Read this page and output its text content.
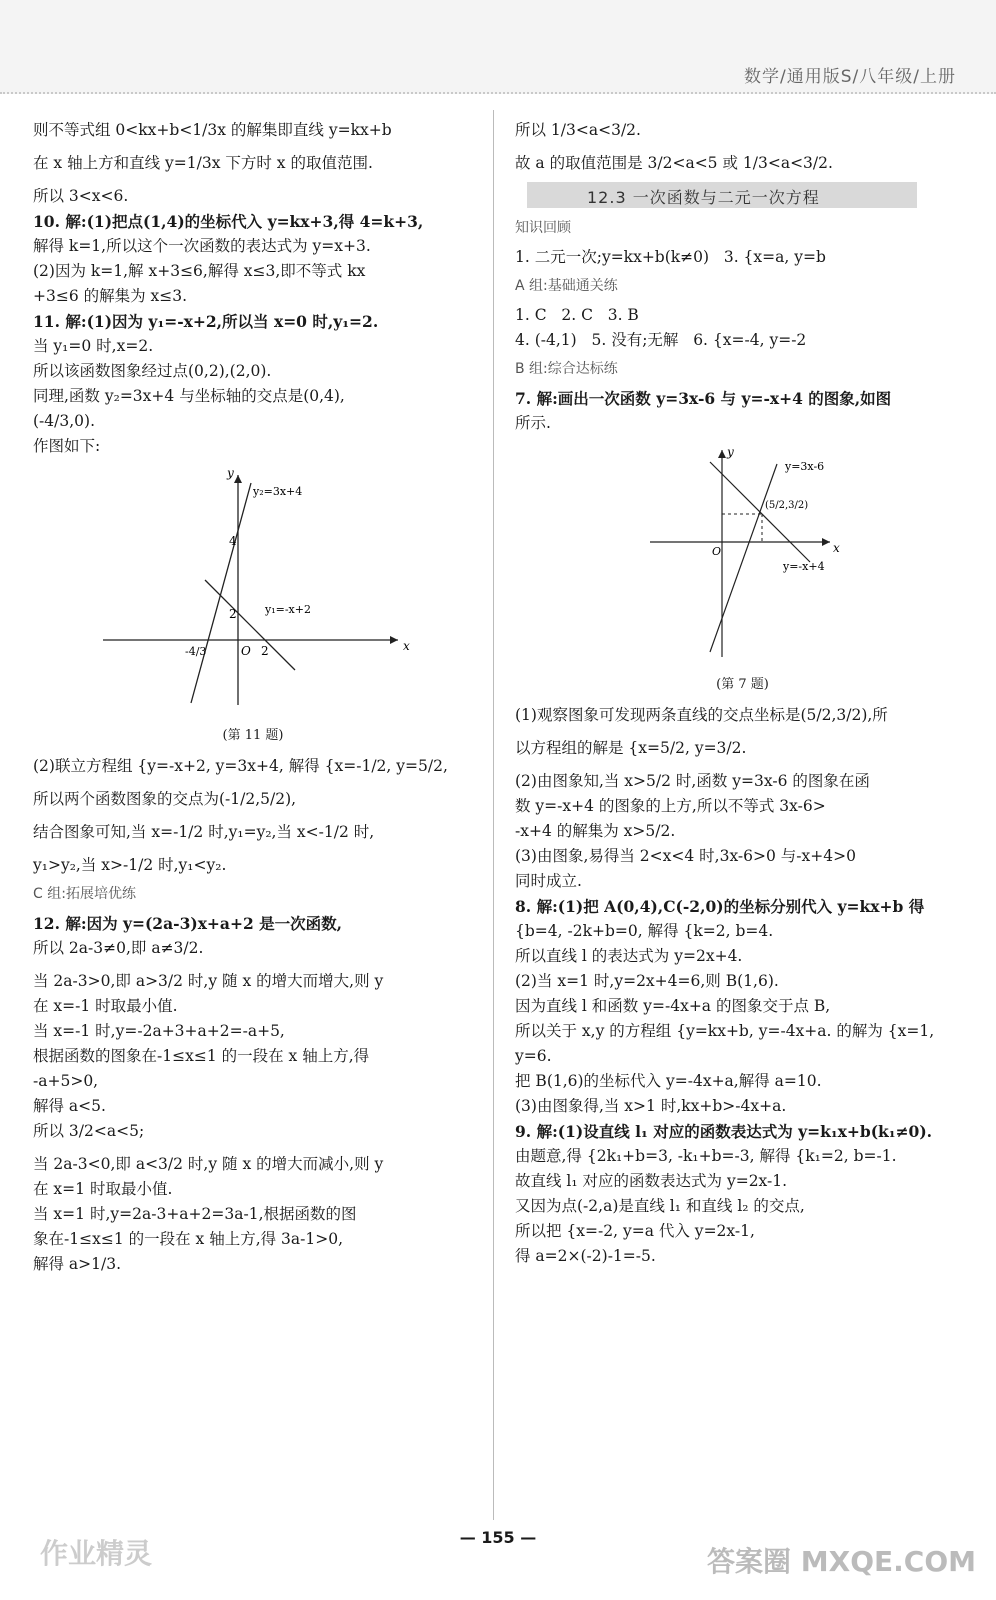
数学/通用版S/八年级/上册

则不等式组 0<kx+b<1/3x 的解集即直线 y=kx+b

在 x 轴上方和直线 y=1/3x 下方时 x 的取值范围.

所以 3<x<6.

10. 解:(1)把点(1,4)的坐标代入 y=kx+3,得 4=k+3,

解得 k=1,所以这个一次函数的表达式为 y=x+3.

(2)因为 k=1,解 x+3≤6,解得 x≤3,即不等式 kx

+3≤6 的解集为 x≤3.

11. 解:(1)因为 y₁=-x+2,所以当 x=0 时,y₁=2.

当 y₁=0 时,x=2.

所以该函数图象经过点(0,2),(2,0).

同理,函数 y₂=3x+4 与坐标轴的交点是(0,4),

(-4/3,0).

作图如下:

y₂=3x+4
y₁=-x+2
x
y
O
4
2
2
-4/3
(第 11 题)

(2)联立方程组 {y=-x+2, y=3x+4, 解得 {x=-1/2, y=5/2,

所以两个函数图象的交点为(-1/2,5/2),

结合图象可知,当 x=-1/2 时,y₁=y₂,当 x<-1/2 时,

y₁>y₂,当 x>-1/2 时,y₁<y₂.

C 组:拓展培优练

12. 解:因为 y=(2a-3)x+a+2 是一次函数,

所以 2a-3≠0,即 a≠3/2.

当 2a-3>0,即 a>3/2 时,y 随 x 的增大而增大,则 y

在 x=-1 时取最小值.

当 x=-1 时,y=-2a+3+a+2=-a+5,

根据函数的图象在-1≤x≤1 的一段在 x 轴上方,得

-a+5>0,

解得 a<5.

所以 3/2<a<5;

当 2a-3<0,即 a<3/2 时,y 随 x 的增大而减小,则 y

在 x=1 时取最小值.

当 x=1 时,y=2a-3+a+2=3a-1,根据函数的图

象在-1≤x≤1 的一段在 x 轴上方,得 3a-1>0,

解得 a>1/3.

所以 1/3<a<3/2.

故 a 的取值范围是 3/2<a<5 或 1/3<a<3/2.

12.3 一次函数与二元一次方程

知识回顾

1. 二元一次;y=kx+b(k≠0)   3. {x=a, y=b

A 组:基础通关练

1. C   2. C   3. B

4. (-4,1)   5. 没有;无解   6. {x=-4, y=-2

B 组:综合达标练

7. 解:画出一次函数 y=3x-6 与 y=-x+4 的图象,如图

所示.

y=3x-6
y=-x+4
(5/2,3/2)
x
y
O
(第 7 题)

(1)观察图象可发现两条直线的交点坐标是(5/2,3/2),所

以方程组的解是 {x=5/2, y=3/2.

(2)由图象知,当 x>5/2 时,函数 y=3x-6 的图象在函

数 y=-x+4 的图象的上方,所以不等式 3x-6>

-x+4 的解集为 x>5/2.

(3)由图象,易得当 2<x<4 时,3x-6>0 与-x+4>0

同时成立.

8. 解:(1)把 A(0,4),C(-2,0)的坐标分别代入 y=kx+b 得

{b=4, -2k+b=0, 解得 {k=2, b=4.

所以直线 l 的表达式为 y=2x+4.

(2)当 x=1 时,y=2x+4=6,则 B(1,6).

因为直线 l 和函数 y=-4x+a 的图象交于点 B,

所以关于 x,y 的方程组 {y=kx+b, y=-4x+a. 的解为 {x=1, y=6.

把 B(1,6)的坐标代入 y=-4x+a,解得 a=10.

(3)由图象得,当 x>1 时,kx+b>-4x+a.

9. 解:(1)设直线 l₁ 对应的函数表达式为 y=k₁x+b(k₁≠0).

由题意,得 {2k₁+b=3, -k₁+b=-3, 解得 {k₁=2, b=-1.

故直线 l₁ 对应的函数表达式为 y=2x-1.

又因为点(-2,a)是直线 l₁ 和直线 l₂ 的交点,

所以把 {x=-2, y=a 代入 y=2x-1,

得 a=2×(-2)-1=-5.

— 155 —
答案圈 MXQE.COM
作业精灵
